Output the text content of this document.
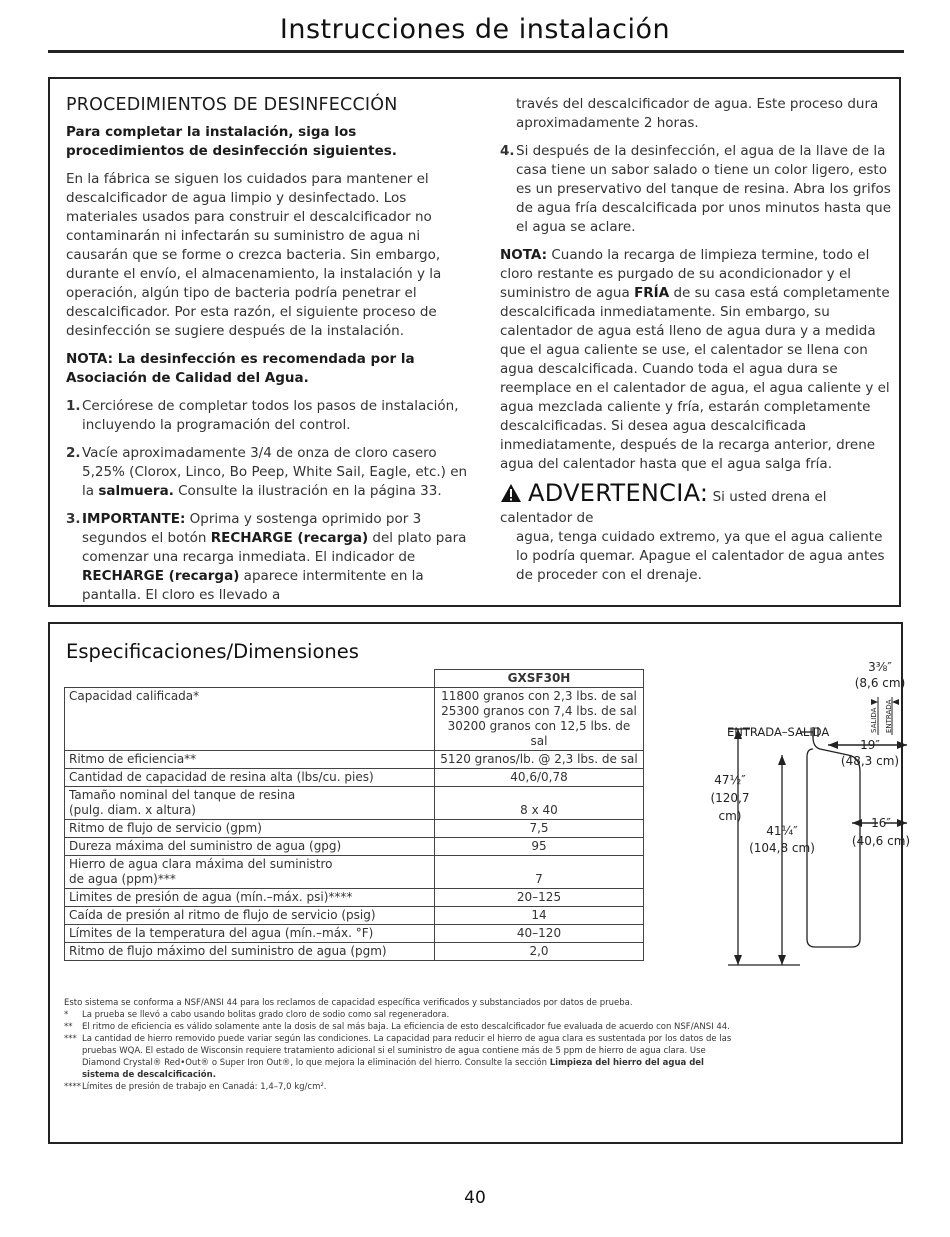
Instrucciones de instalación
PROCEDIMIENTOS DE DESINFECCIÓN

Para completar la instalación, siga los procedimientos de desinfección siguientes.

En la fábrica se siguen los cuidados para mantener el descalcificador de agua limpio y desinfectado. Los materiales usados para construir el descalcificador no contaminarán ni infectarán su suministro de agua ni causarán que se forme o crezca bacteria. Sin embargo, durante el envío, el almacenamiento, la instalación y la operación, algún tipo de bacteria podría penetrar el descalcificador. Por esta razón, el siguiente proceso de desinfección se sugiere después de la instalación.

NOTA: La desinfección es recomendada por la Asociación de Calidad del Agua.

1. Cerciórese de completar todos los pasos de instalación, incluyendo la programación del control.
2. Vacíe aproximadamente 3/4 de onza de cloro casero 5,25% (Clorox, Linco, Bo Peep, White Sail, Eagle, etc.) en la salmuera. Consulte la ilustración en la página 33.
3. IMPORTANTE: Oprima y sostenga oprimido por 3 segundos el botón RECHARGE (recarga) del plato para comenzar una recarga inmediata. El indicador de RECHARGE (recarga) aparece intermitente en la pantalla. El cloro es llevado a

través del descalcificador de agua. Este proceso dura aproximadamente 2 horas.

4. Si después de la desinfección, el agua de la llave de la casa tiene un sabor salado o tiene un color ligero, esto es un preservativo del tanque de resina. Abra los grifos de agua fría descalcificada por unos minutos hasta que el agua se aclare.

NOTA: Cuando la recarga de limpieza termine, todo el cloro restante es purgado de su acondicionador y el suministro de agua FRÍA de su casa está completamente descalcificada inmediatamente. Sin embargo, su calentador de agua está lleno de agua dura y a medida que el agua caliente se use, el calentador se llena con agua descalcificada. Cuando toda el agua dura se reemplace en el calentador de agua, el agua caliente y el agua mezclada caliente y fría, estarán completamente descalcificadas. Si desea agua descalcificada inmediatamente, después de la recarga anterior, drene agua del calentador hasta que el agua salga fría.

ADVERTENCIA: Si usted drena el calentador de
agua, tenga cuidado extremo, ya que el agua caliente lo podría quemar. Apague el calentador de agua antes de proceder con el drenaje.
Especificaciones/Dimensiones
	GXSF30H
Capacidad calificada*	11800 granos con 2,3 lbs. de sal
25300 granos con 7,4 lbs. de sal
30200 granos con 12,5 lbs. de sal
Ritmo de eficiencia**	5120 granos/lb. @ 2,3 lbs. de sal
Cantidad de capacidad de resina alta (lbs/cu. pies)	40,6/0,78
Tamaño nominal del tanque de resina
(pulg. diam. x altura)	8 x 40
Ritmo de flujo de servicio (gpm)	7,5
Dureza máxima del suministro de agua (gpg)	95
Hierro de agua clara máxima del suministro
de agua (ppm)***	7
Limites de presión de agua (mín.–máx. psi)****	20–125
Caída de presión al ritmo de flujo de servicio (psig)	14
Límites de la temperatura del agua (mín.–máx. °F)	40–120
Ritmo de flujo máximo del suministro de agua (pgm)	2,0
3⅜″
(8,6 cm)
SALIDA ENTRADA
ENTRADA–SALIDA
19″
(48,3 cm)
47½″
(120,7
cm)
41¼″
(104,8 cm)
16″
(40,6 cm)
Esto sistema se conforma a NSF/ANSI 44 para los reclamos de capacidad específica verificados y substanciados por datos de prueba.
* La prueba se llevó a cabo usando bolitas grado cloro de sodio como sal regeneradora.
** El ritmo de eficiencia es válido solamente ante la dosis de sal más baja. La eficiencia de esto descalcificador fue evaluada de acuerdo con NSF/ANSI 44.
*** La cantidad de hierro removido puede variar según las condiciones. La capacidad para reducir el hierro de agua clara es sustentada por los datos de las pruebas WQA. El estado de Wisconsin requiere tratamiento adicional si el suministro de agua contiene más de 5 ppm de hierro de agua clara. Use Diamond Crystal® Red•Out® o Super Iron Out®, lo que mejora la eliminación del hierro. Consulte la sección Limpieza del hierro del agua del sistema de descalcificación.
**** Límites de presión de trabajo en Canadá: 1,4–7,0 kg/cm².
40
